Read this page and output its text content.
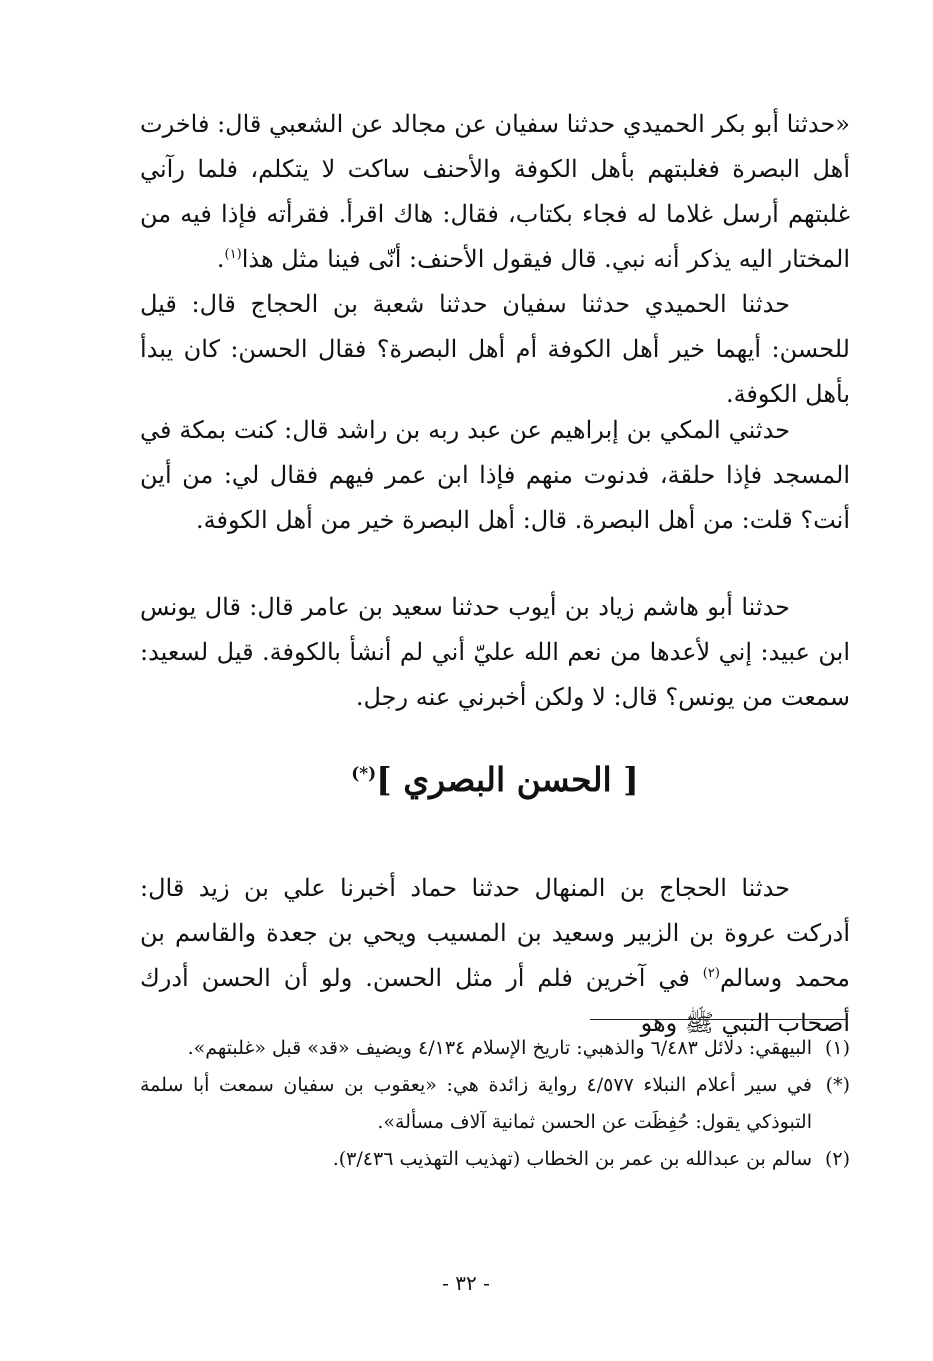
«حدثنا أبو بكر الحميدي حدثنا سفيان عن مجالد عن الشعبي قال: فاخرت أهل البصرة فغلبتهم بأهل الكوفة والأحنف ساكت لا يتكلم، فلما رآني غلبتهم أرسل غلاما له فجاء بكتاب، فقال: هاك اقرأ. فقرأته فإذا فيه من المختار اليه يذكر أنه نبي. قال فيقول الأحنف: أنّى فينا مثل هذا$^{(١)}$.

حدثنا الحميدي حدثنا سفيان حدثنا شعبة بن الحجاج قال: قيل للحسن: أيهما خير أهل الكوفة أم أهل البصرة؟ فقال الحسن: كان يبدأ بأهل الكوفة.

حدثني المكي بن إبراهيم عن عبد ربه بن راشد قال: كنت بمكة في المسجد فإذا حلقة، فدنوت منهم فإذا ابن عمر فيهم فقال لي: من أين أنت؟ قلت: من أهل البصرة. قال: أهل البصرة خير من أهل الكوفة.

حدثنا أبو هاشم زياد بن أيوب حدثنا سعيد بن عامر قال: قال يونس ابن عبيد: إني لأعدها من نعم الله عليّ أني لم أنشأ بالكوفة. قيل لسعيد: سمعت من يونس؟ قال: لا ولكن أخبرني عنه رجل.

[ الحسن البصري ](*)

حدثنا الحجاج بن المنهال حدثنا حماد أخبرنا علي بن زيد قال: أدركت عروة بن الزبير وسعيد بن المسيب ويحي بن جعدة والقاسم بن محمد وسالم$^{(٢)}$ في آخرين فلم أر مثل الحسن. ولو أن الحسن أدرك أصحاب النبي ﷺ وهو

(١)
البيهقي: دلائل ٦/٤٨٣ والذهبي: تاريخ الإسلام ٤/١٣٤ ويضيف «قد» قبل «غلبتهم».

(*)
في سير أعلام النبلاء ٤/٥٧٧ رواية زائدة هي: «يعقوب بن سفيان سمعت أبا سلمة التبوذكي يقول: حُفِظَت عن الحسن ثمانية آلاف مسألة».

(٢)
سالم بن عبدالله بن عمر بن الخطاب (تهذيب التهذيب ٣/٤٣٦).

- ٣٢ -
